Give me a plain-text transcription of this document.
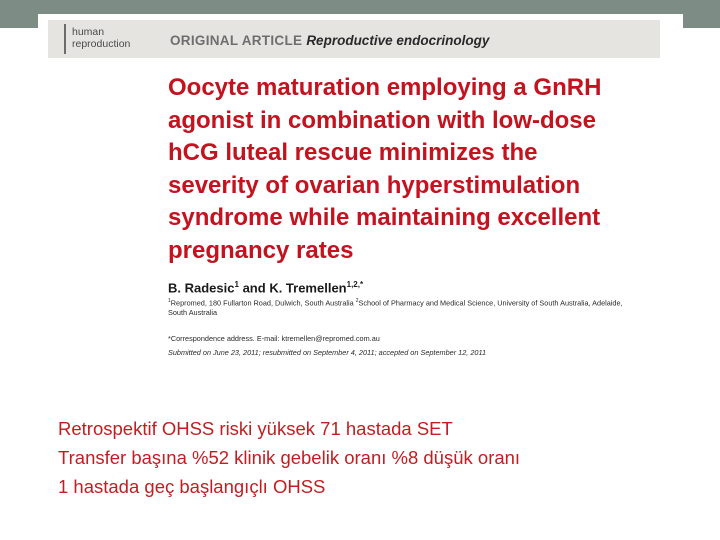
human
reproduction	ORIGINAL ARTICLE Reproductive endocrinology
Oocyte maturation employing a GnRH
agonist in combination with low-dose
hCG luteal rescue minimizes the
severity of ovarian hyperstimulation
syndrome while maintaining excellent
pregnancy rates
B. Radesic$^1$ and K. Tremellen$^{1,2,*}$
$^1$Repromed, 180 Fullarton Road, Dulwich, South Australia $^2$School of Pharmacy and Medical Science, University of South Australia, Adelaide,
South Australia
*Correspondence address. E-mail: ktremellen@repromed.com.au
Submitted on June 23, 2011; resubmitted on September 4, 2011; accepted on September 12, 2011
Retrospektif OHSS riski yüksek 71 hastada SET
Transfer başına %52 klinik gebelik oranı %8 düşük oranı
1 hastada geç başlangıçlı OHSS
